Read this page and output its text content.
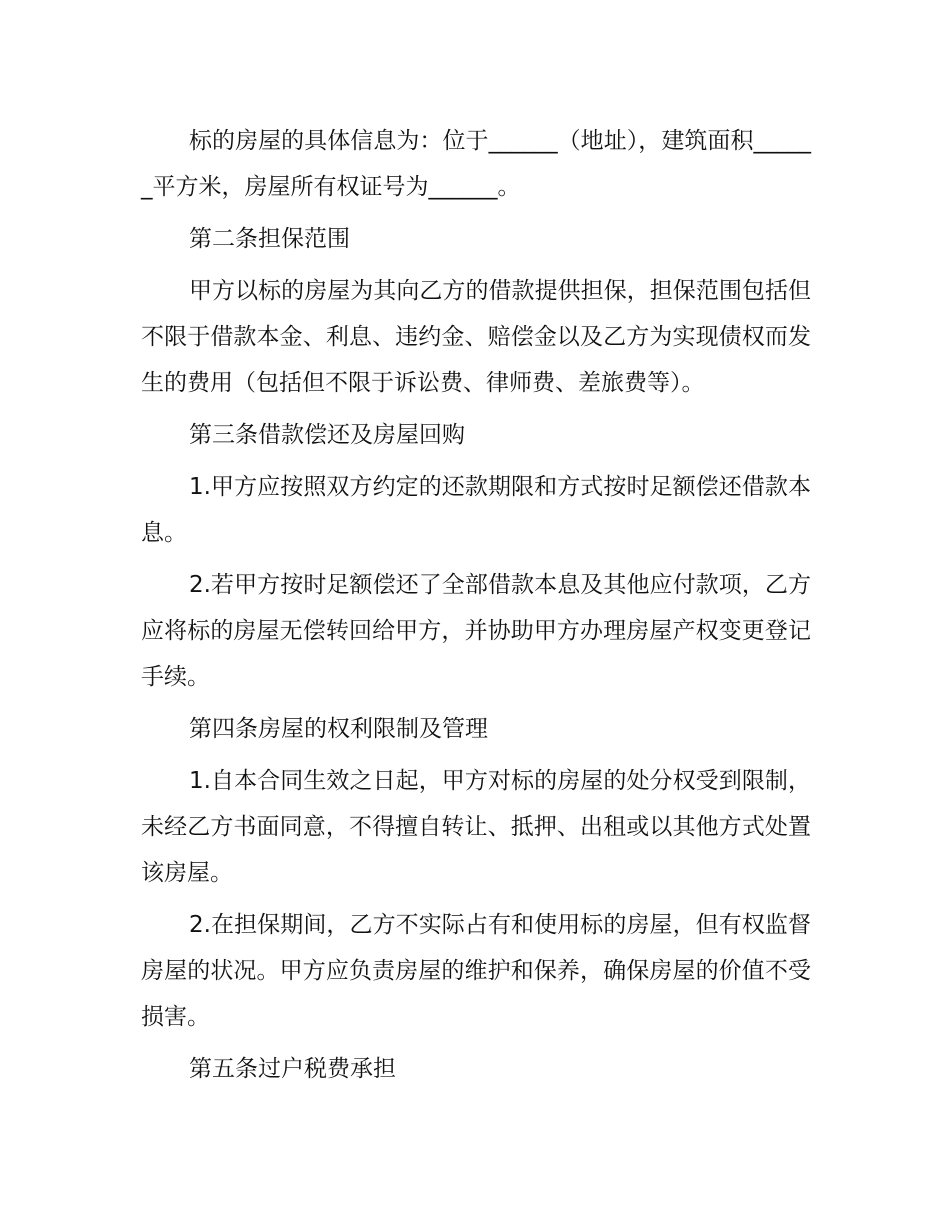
标的房屋的具体信息为：位于______（地址），建筑面积______平方米，房屋所有权证号为______。

第二条担保范围

甲方以标的房屋为其向乙方的借款提供担保，担保范围包括但不限于借款本金、利息、违约金、赔偿金以及乙方为实现债权而发生的费用（包括但不限于诉讼费、律师费、差旅费等）。

第三条借款偿还及房屋回购

1.甲方应按照双方约定的还款期限和方式按时足额偿还借款本息。

2.若甲方按时足额偿还了全部借款本息及其他应付款项，乙方应将标的房屋无偿转回给甲方，并协助甲方办理房屋产权变更登记手续。

第四条房屋的权利限制及管理

1.自本合同生效之日起，甲方对标的房屋的处分权受到限制，未经乙方书面同意，不得擅自转让、抵押、出租或以其他方式处置该房屋。

2.在担保期间，乙方不实际占有和使用标的房屋，但有权监督房屋的状况。甲方应负责房屋的维护和保养，确保房屋的价值不受损害。

第五条过户税费承担
